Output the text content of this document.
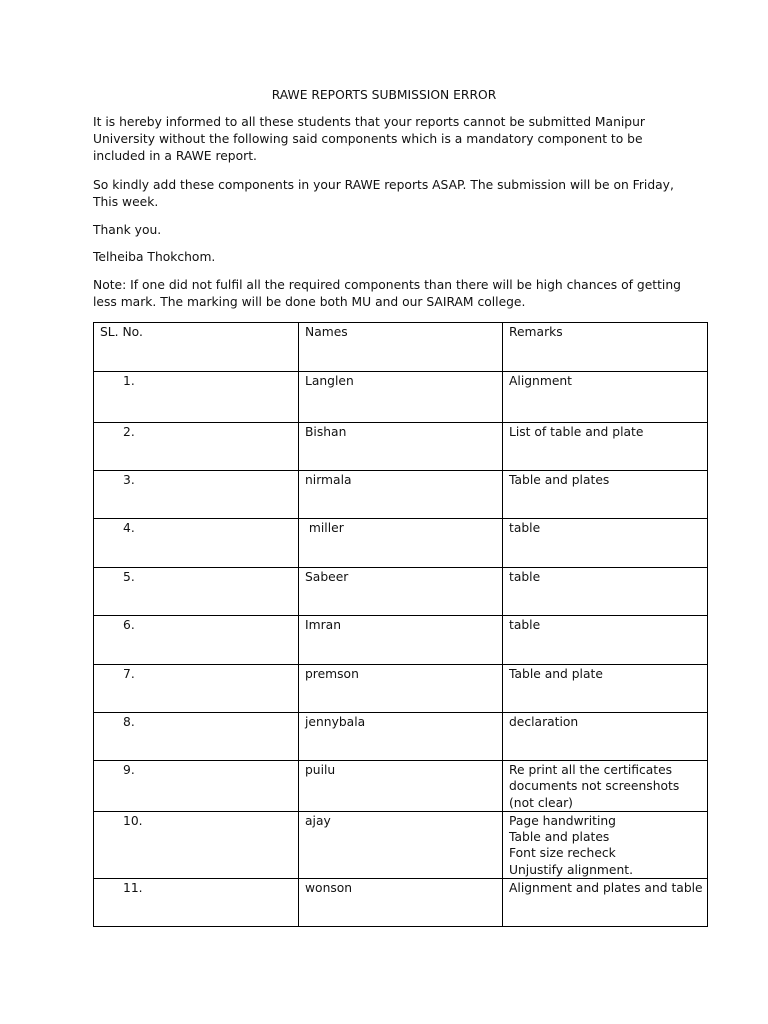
RAWE REPORTS SUBMISSION ERROR

It is hereby informed to all these students that your reports cannot be submitted Manipur University without the following said components which is a mandatory component to be included in a RAWE report.

So kindly add these components in your RAWE reports ASAP. The submission will be on Friday, This week.

Thank you.

Telheiba Thokchom.

Note: If one did not fulfil all the required components than there will be high chances of getting less mark. The marking will be done both MU and our SAIRAM college.

SL. No.	Names	Remarks
1.	Langlen	Alignment

2.	Bishan	List of table and plate

3.	nirmala	Table and plates

4.	miller	table

5.	Sabeer	table

6.	Imran	table

7.	premson	Table and plate

8.	jennybala	declaration

9.	puilu	Re print all the certificates documents not screenshots (not clear)

10.	ajay	Page handwriting
Table and plates
Font size recheck
Unjustify alignment.

11.	wonson	Alignment and plates and table
